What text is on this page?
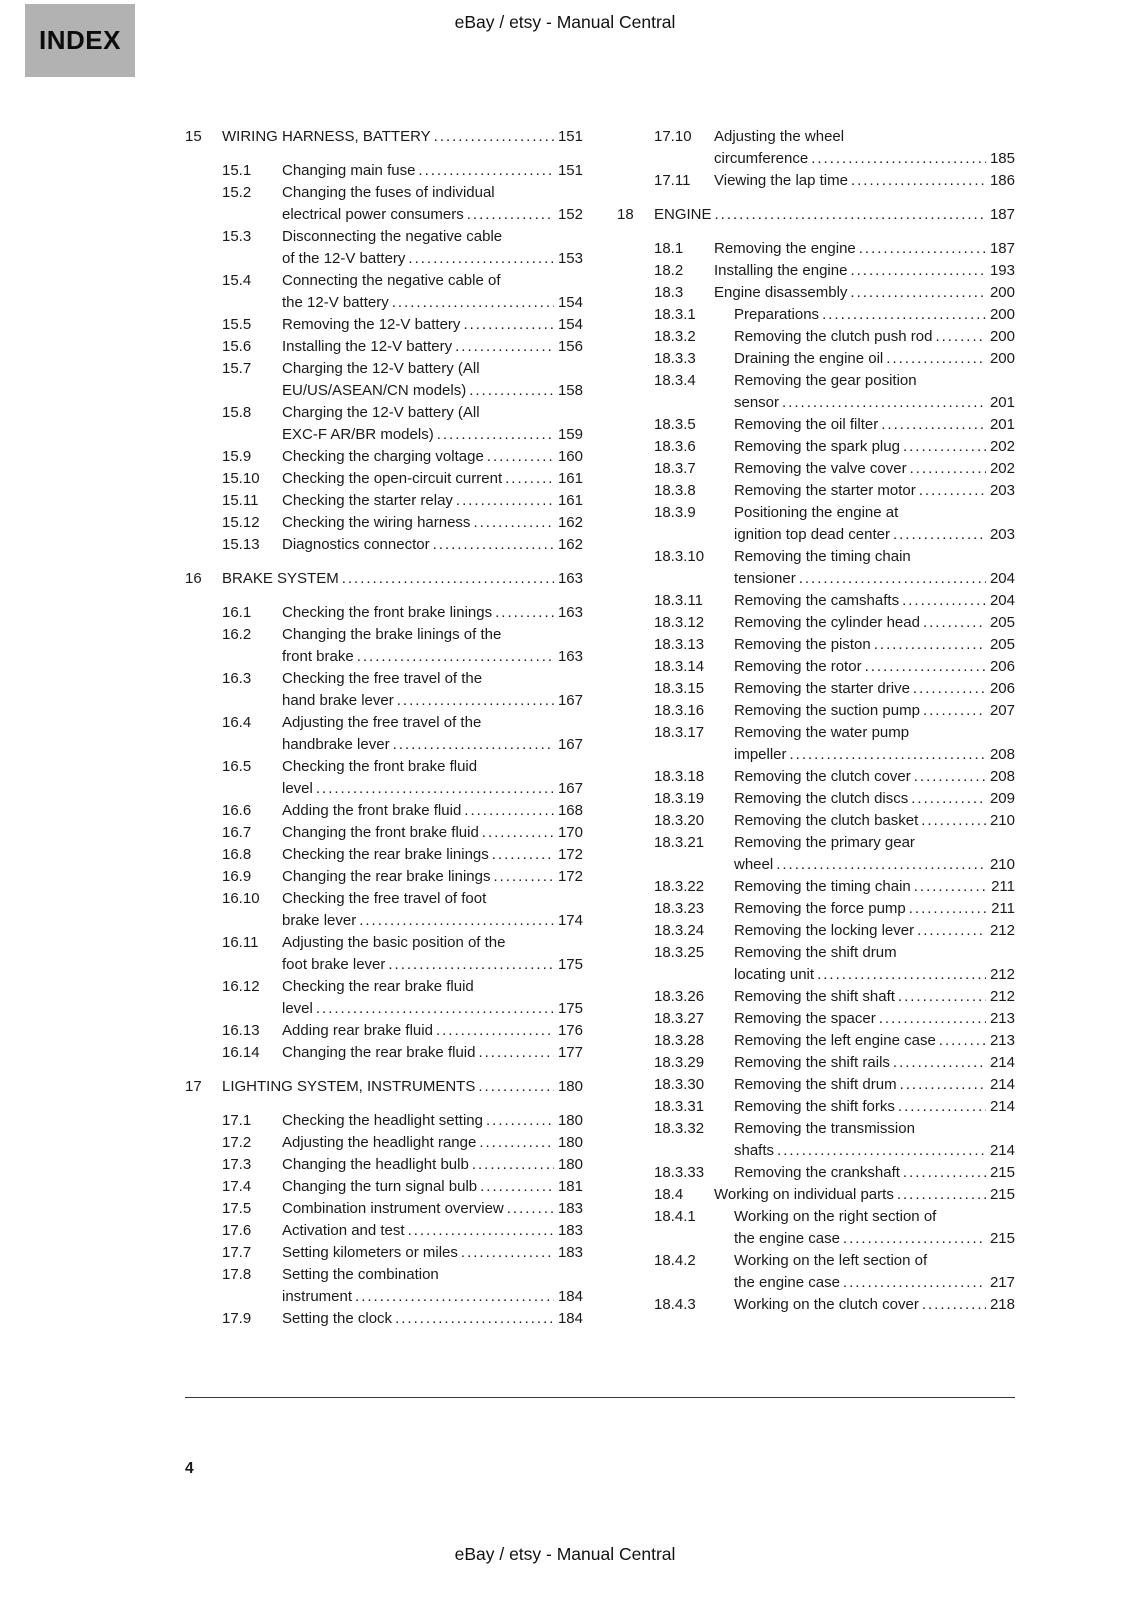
INDEX
eBay / etsy - Manual Central
15	WIRING HARNESS, BATTERY .....	151
15.1	Changing main fuse .....	151
15.2	Changing the fuses of individual
electrical power consumers .....	152
15.3	Disconnecting the negative cable
of the 12-V battery .....	153
15.4	Connecting the negative cable of
the 12-V battery .....	154
15.5	Removing the 12-V battery .....	154
15.6	Installing the 12-V battery .....	156
15.7	Charging the 12-V battery (All
EU/US/ASEAN/CN models) .....	158
15.8	Charging the 12-V battery (All
EXC-F AR/BR models) .....	159
15.9	Checking the charging voltage .....	160
15.10	Checking the open-circuit current .....	161
15.11	Checking the starter relay .....	161
15.12	Checking the wiring harness .....	162
15.13	Diagnostics connector .....	162
16	BRAKE SYSTEM .....	163
16.1	Checking the front brake linings .....	163
16.2	Changing the brake linings of the
front brake .....	163
16.3	Checking the free travel of the
hand brake lever .....	167
16.4	Adjusting the free travel of the
handbrake lever .....	167
16.5	Checking the front brake fluid
level .....	167
16.6	Adding the front brake fluid .....	168
16.7	Changing the front brake fluid .....	170
16.8	Checking the rear brake linings .....	172
16.9	Changing the rear brake linings .....	172
16.10	Checking the free travel of foot
brake lever .....	174
16.11	Adjusting the basic position of the
foot brake lever .....	175
16.12	Checking the rear brake fluid
level .....	175
16.13	Adding rear brake fluid .....	176
16.14	Changing the rear brake fluid .....	177
17	LIGHTING SYSTEM, INSTRUMENTS .....	180
17.1	Checking the headlight setting .....	180
17.2	Adjusting the headlight range .....	180
17.3	Changing the headlight bulb .....	180
17.4	Changing the turn signal bulb .....	181
17.5	Combination instrument overview .....	183
17.6	Activation and test .....	183
17.7	Setting kilometers or miles .....	183
17.8	Setting the combination
instrument .....	184
17.9	Setting the clock .....	184
17.10	Adjusting the wheel
circumference .....	185
17.11	Viewing the lap time .....	186
18	ENGINE .....	187
18.1	Removing the engine .....	187
18.2	Installing the engine .....	193
18.3	Engine disassembly .....	200
18.3.1	Preparations .....	200
18.3.2	Removing the clutch push rod .....	200
18.3.3	Draining the engine oil .....	200
18.3.4	Removing the gear position
sensor .....	201
18.3.5	Removing the oil filter .....	201
18.3.6	Removing the spark plug .....	202
18.3.7	Removing the valve cover .....	202
18.3.8	Removing the starter motor .....	203
18.3.9	Positioning the engine at
ignition top dead center .....	203
18.3.10	Removing the timing chain
tensioner .....	204
18.3.11	Removing the camshafts .....	204
18.3.12	Removing the cylinder head .....	205
18.3.13	Removing the piston .....	205
18.3.14	Removing the rotor .....	206
18.3.15	Removing the starter drive .....	206
18.3.16	Removing the suction pump .....	207
18.3.17	Removing the water pump
impeller .....	208
18.3.18	Removing the clutch cover .....	208
18.3.19	Removing the clutch discs .....	209
18.3.20	Removing the clutch basket .....	210
18.3.21	Removing the primary gear
wheel .....	210
18.3.22	Removing the timing chain .....	211
18.3.23	Removing the force pump .....	211
18.3.24	Removing the locking lever .....	212
18.3.25	Removing the shift drum
locating unit .....	212
18.3.26	Removing the shift shaft .....	212
18.3.27	Removing the spacer .....	213
18.3.28	Removing the left engine case .....	213
18.3.29	Removing the shift rails .....	214
18.3.30	Removing the shift drum .....	214
18.3.31	Removing the shift forks .....	214
18.3.32	Removing the transmission
shafts .....	214
18.3.33	Removing the crankshaft .....	215
18.4	Working on individual parts .....	215
18.4.1	Working on the right section of
the engine case .....	215
18.4.2	Working on the left section of
the engine case .....	217
18.4.3	Working on the clutch cover .....	218
4
eBay / etsy - Manual Central
